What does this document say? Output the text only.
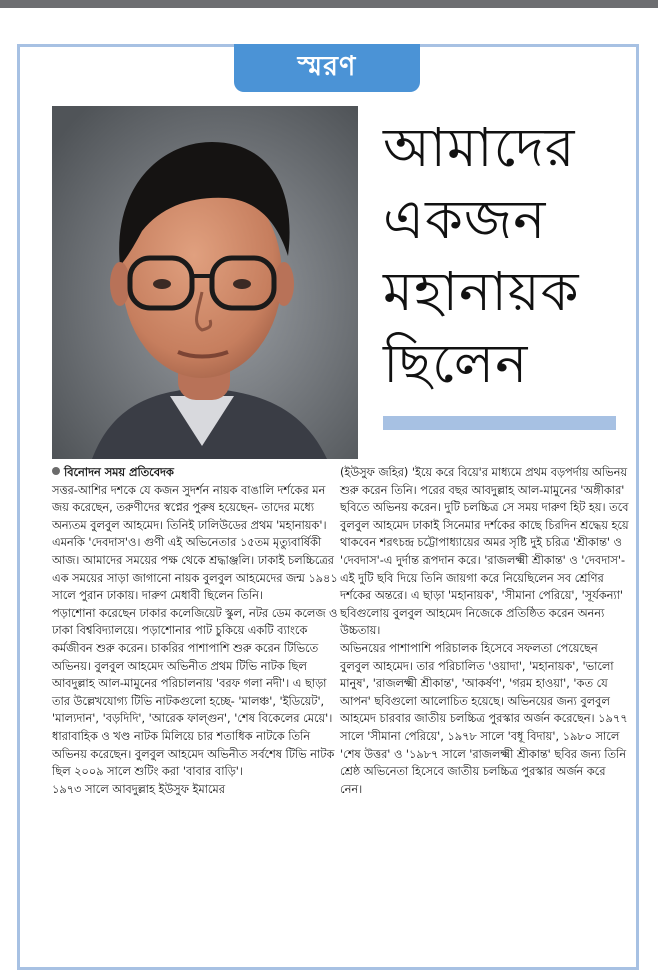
স্মরণ
আমাদের
একজন
মহানায়ক
ছিলেন

বিনোদন সময় প্রতিবেদক

সত্তর-আশির দশকে যে কজন সুদর্শন নায়ক বাঙালি দর্শকের মন জয় করেছেন, তরুণীদের স্বপ্নের পুরুষ হয়েছেন- তাদের মধ্যে অন্যতম বুলবুল আহমেদ। তিনিই ঢালিউডের প্রথম 'মহানায়ক'। এমনকি 'দেবদাস'ও। গুণী এই অভিনেতার ১৫তম মৃত্যুবার্ষিকী আজ। আমাদের সময়ের পক্ষ থেকে শ্রদ্ধাঞ্জলি। ঢাকাই চলচ্চিত্রের এক সময়ের সাড়া জাগানো নায়ক বুলবুল আহমেদের জন্ম ১৯৪১ সালে পুরান ঢাকায়। দারুণ মেধাবী ছিলেন তিনি।

পড়াশোনা করেছেন ঢাকার কলেজিয়েট স্কুল, নটর ডেম কলেজ ও ঢাকা বিশ্ববিদ্যালয়ে। পড়াশোনার পাট চুকিয়ে একটি ব্যাংকে কর্মজীবন শুরু করেন। চাকরির পাশাপাশি শুরু করেন টিভিতে অভিনয়। বুলবুল আহমেদ অভিনীত প্রথম টিভি নাটক ছিল আবদুল্লাহ আল-মামুনের পরিচালনায় 'বরফ গলা নদী'। এ ছাড়া তার উল্লেখযোগ্য টিভি নাটকগুলো হচ্ছে- 'মালঞ্চ', 'ইডিয়েট', 'মাল্যদান', 'বড়দিদি', 'আরেক ফাল্গুন', 'শেষ বিকেলের মেয়ে'। ধারাবাহিক ও খণ্ড নাটক মিলিয়ে চার শতাধিক নাটকে তিনি অভিনয় করেছেন। বুলবুল আহমেদ অভিনীত সর্বশেষ টিভি নাটক ছিল ২০০৯ সালে শুটিং করা 'বাবার বাড়ি'।

১৯৭৩ সালে আবদুল্লাহ ইউসুফ ইমামের

(ইউসুফ জহির) 'ইয়ে করে বিয়ে'র মাধ্যমে প্রথম বড়পর্দায় অভিনয় শুরু করেন তিনি। পরের বছর আবদুল্লাহ আল-মামুনের 'অঙ্গীকার' ছবিতে অভিনয় করেন। দুটি চলচ্চিত্র সে সময় দারুণ হিট হয়। তবে বুলবুল আহমেদ ঢাকাই সিনেমার দর্শকের কাছে চিরদিন শ্রদ্ধেয় হয়ে থাকবেন শরৎচন্দ্র চট্টোপাধ্যায়ের অমর সৃষ্টি দুই চরিত্র 'শ্রীকান্ত' ও 'দেবদাস'-এ দুর্দান্ত রূপদান করে। 'রাজলক্ষ্মী শ্রীকান্ত' ও 'দেবদাস'- এই দুটি ছবি দিয়ে তিনি জায়গা করে নিয়েছিলেন সব শ্রেণির দর্শকের অন্তরে। এ ছাড়া 'মহানায়ক', 'সীমানা পেরিয়ে', 'সূর্যকন্যা' ছবিগুলোয় বুলবুল আহমেদ নিজেকে প্রতিষ্ঠিত করেন অনন্য উচ্চতায়।

অভিনয়ের পাশাপাশি পরিচালক হিসেবে সফলতা পেয়েছেন বুলবুল আহমেদ। তার পরিচালিত 'ওয়াদা', 'মহানায়ক', 'ভালো মানুষ', 'রাজলক্ষ্মী শ্রীকান্ত', 'আকর্ষণ', 'গরম হাওয়া', 'কত যে আপন' ছবিগুলো আলোচিত হয়েছে। অভিনয়ের জন্য বুলবুল আহমেদ চারবার জাতীয় চলচ্চিত্র পুরস্কার অর্জন করেছেন। ১৯৭৭ সালে 'সীমানা পেরিয়ে', ১৯৭৮ সালে 'বধূ বিদায়', ১৯৮০ সালে 'শেষ উত্তর' ও '১৯৮৭ সালে 'রাজলক্ষ্মী শ্রীকান্ত' ছবির জন্য তিনি শ্রেষ্ঠ অভিনেতা হিসেবে জাতীয় চলচ্চিত্র পুরস্কার অর্জন করে নেন।
